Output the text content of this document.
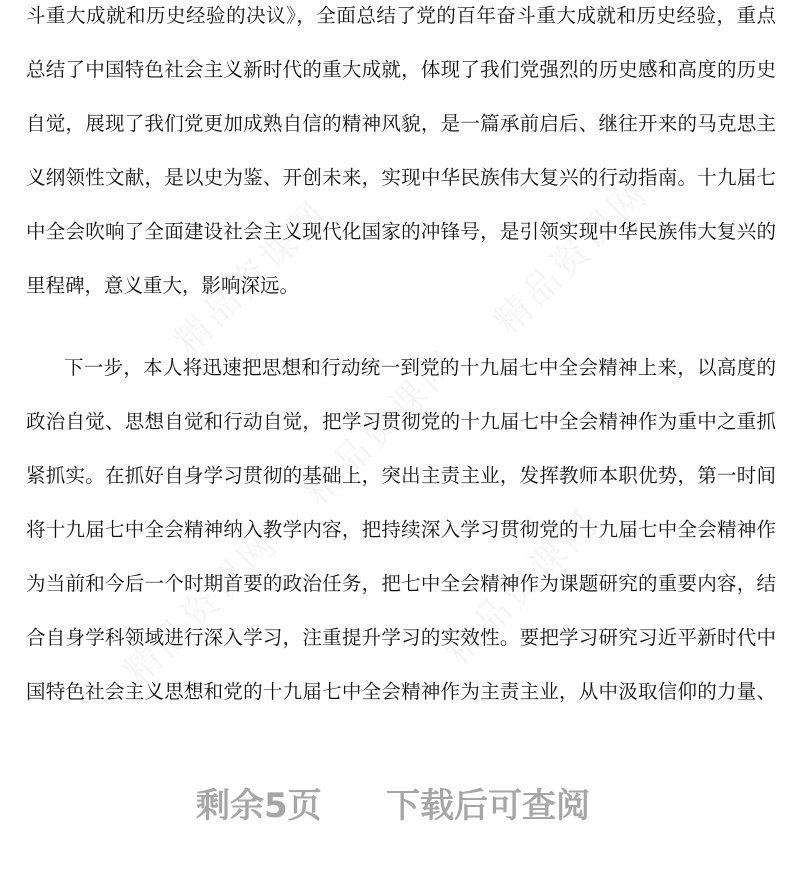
斗重大成就和历史经验的决议》，全面总结了党的百年奋斗重大成就和历史经验，重点
总结了中国特色社会主义新时代的重大成就，体现了我们党强烈的历史感和高度的历史
自觉，展现了我们党更加成熟自信的精神风貌，是一篇承前启后、继往开来的马克思主
义纲领性文献，是以史为鉴、开创未来，实现中华民族伟大复兴的行动指南。十九届七
中全会吹响了全面建设社会主义现代化国家的冲锋号，是引领实现中华民族伟大复兴的
里程碑，意义重大，影响深远。
下一步，本人将迅速把思想和行动统一到党的十九届七中全会精神上来，以高度的
政治自觉、思想自觉和行动自觉，把学习贯彻党的十九届七中全会精神作为重中之重抓
紧抓实。在抓好自身学习贯彻的基础上，突出主责主业，发挥教师本职优势，第一时间
将十九届七中全会精神纳入教学内容，把持续深入学习贯彻党的十九届七中全会精神作
为当前和今后一个时期首要的政治任务，把七中全会精神作为课题研究的重要内容，结
合自身学科领域进行深入学习，注重提升学习的实效性。要把学习研究习近平新时代中
国特色社会主义思想和党的十九届七中全会精神作为主责主业，从中汲取信仰的力量、
剩余5页 下载后可查阅
